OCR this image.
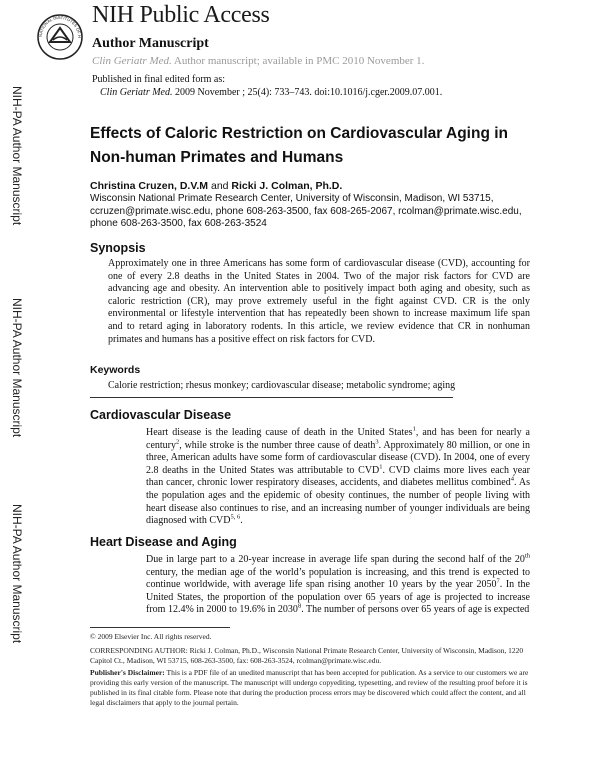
NATIONAL INSTITUTES OF H
NIH Public Access
Author Manuscript
Clin Geriatr Med. Author manuscript; available in PMC 2010 November 1.
Published in final edited form as:
Clin Geriatr Med. 2009 November ; 25(4): 733–743. doi:10.1016/j.cger.2009.07.001.
NIH-PA Author Manuscript
NIH-PA Author Manuscript
NIH-PA Author Manuscript
Effects of Caloric Restriction on Cardiovascular Aging in Non-human Primates and Humans
Christina Cruzen, D.V.M and Ricki J. Colman, Ph.D.
Wisconsin National Primate Research Center, University of Wisconsin, Madison, WI 53715, ccruzen@primate.wisc.edu, phone 608-263-3500, fax 608-265-2067, rcolman@primate.wisc.edu, phone 608-263-3500, fax 608-263-3524
Synopsis
Approximately one in three Americans has some form of cardiovascular disease (CVD), accounting for one of every 2.8 deaths in the United States in 2004. Two of the major risk factors for CVD are advancing age and obesity. An intervention able to positively impact both aging and obesity, such as caloric restriction (CR), may prove extremely useful in the fight against CVD. CR is the only environmental or lifestyle intervention that has repeatedly been shown to increase maximum life span and to retard aging in laboratory rodents. In this article, we review evidence that CR in nonhuman primates and humans has a positive effect on risk factors for CVD.
Keywords
Calorie restriction; rhesus monkey; cardiovascular disease; metabolic syndrome; aging
Cardiovascular Disease
Heart disease is the leading cause of death in the United States$^1$, and has been for nearly a century$^2$, while stroke is the number three cause of death$^3$. Approximately 80 million, or one in three, American adults have some form of cardiovascular disease (CVD). In 2004, one of every 2.8 deaths in the United States was attributable to CVD$^1$. CVD claims more lives each year than cancer, chronic lower respiratory diseases, accidents, and diabetes mellitus combined$^4$. As the population ages and the epidemic of obesity continues, the number of people living with heart disease also continues to rise, and an increasing number of younger individuals are being diagnosed with CVD$^{5, 6}$.
Heart Disease and Aging
Due in large part to a 20-year increase in average life span during the second half of the 20th century, the median age of the world’s population is increasing, and this trend is expected to continue worldwide, with average life span rising another 10 years by the year 2050$^7$. In the United States, the proportion of the population over 65 years of age is projected to increase from 12.4% in 2000 to 19.6% in 2030$^8$. The number of persons over 65 years of age is expected
© 2009 Elsevier Inc. All rights reserved.
CORRESPONDING AUTHOR: Ricki J. Colman, Ph.D., Wisconsin National Primate Research Center, University of Wisconsin, Madison, 1220 Capitol Ct., Madison, WI 53715, 608-263-3500, fax: 608-263-3524, rcolman@primate.wisc.edu.
Publisher's Disclaimer: This is a PDF file of an unedited manuscript that has been accepted for publication. As a service to our customers we are providing this early version of the manuscript. The manuscript will undergo copyediting, typesetting, and review of the resulting proof before it is published in its final citable form. Please note that during the production process errors may be discovered which could affect the content, and all legal disclaimers that apply to the journal pertain.
